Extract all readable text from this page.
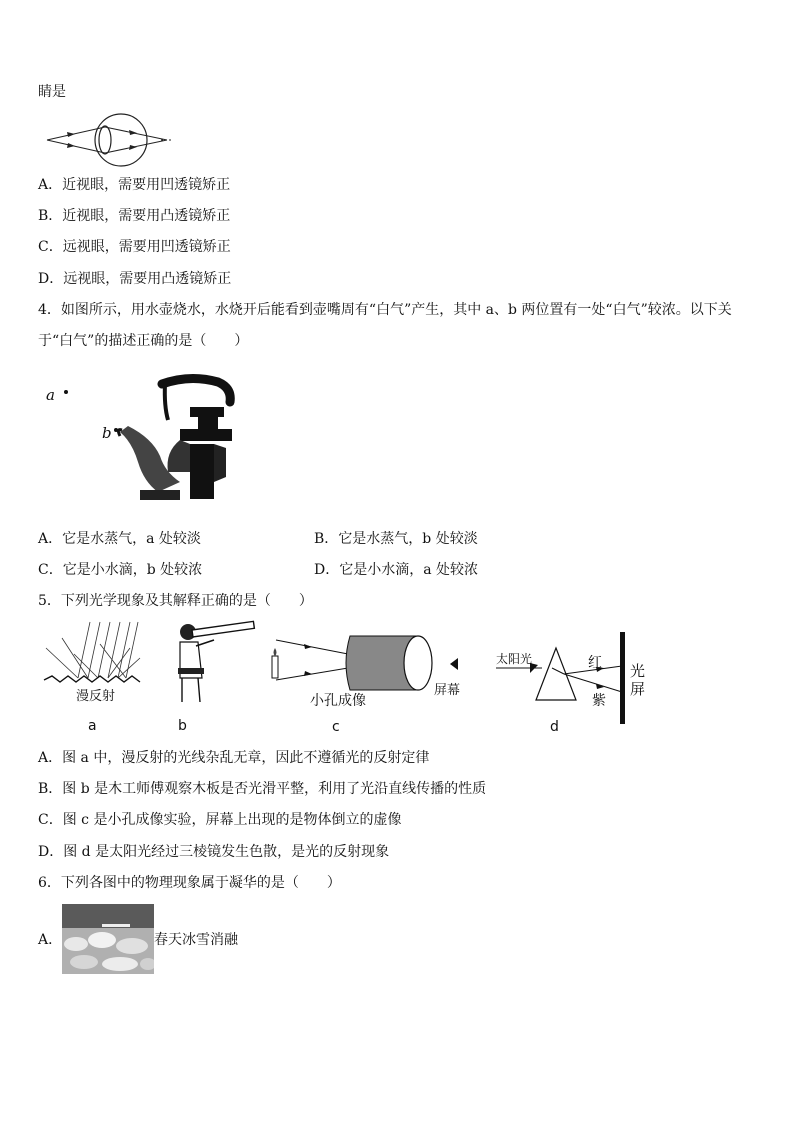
睛是
A．近视眼，需要用凹透镜矫正
B．近视眼，需要用凸透镜矫正
C．远视眼，需要用凹透镜矫正
D．远视眼，需要用凸透镜矫正
4．如图所示，用水壶烧水，水烧开后能看到壶嘴周有“白气”产生，其中 a、b 两位置有一处“白气”较浓。以下关
于“白气”的描述正确的是（　　）
a
b
A．它是水蒸气，a 处较淡	B．它是水蒸气，b 处较淡
C．它是小水滴，b 处较浓	D．它是小水滴，a 处较浓
5．下列光学现象及其解释正确的是（　　）
漫反射
a	b
小孔成像
屏幕
c
太阳光	红
紫
光
屏
d
A．图 a 中，漫反射的光线杂乱无章，因此不遵循光的反射定律
B．图 b 是木工师傅观察木板是否光滑平整，利用了光沿直线传播的性质
C．图 c 是小孔成像实验，屏幕上出现的是物体倒立的虚像
D．图 d 是太阳光经过三棱镜发生色散，是光的反射现象
6．下列各图中的物理现象属于凝华的是（　　）
A．	春天冰雪消融
